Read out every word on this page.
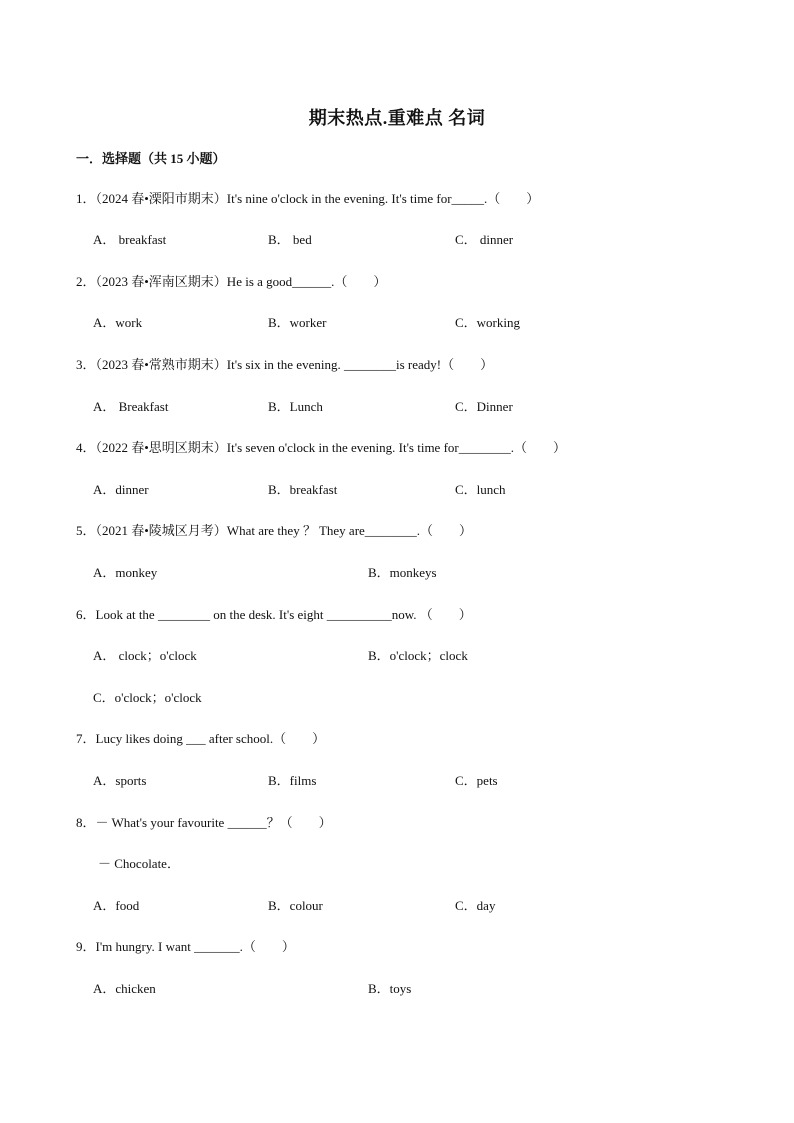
期末热点.重难点 名词
一．选择题（共 15 小题）
1．（2024 春•溧阳市期末）It's nine o'clock in the evening. It's time for_____.（　　）
A． breakfast	B． bed	C． dinner
2．（2023 春•浑南区期末）He is a good______.（　　）
A．work	B．worker	C．working
3．（2023 春•常熟市期末）It's six in the evening. ________is ready!（　　）
A． Breakfast	B．Lunch	C．Dinner
4．（2022 春•思明区期末）It's seven o'clock in the evening. It's time for________.（　　）
A．dinner	B．breakfast	C．lunch
5．（2021 春•陵城区月考）What are they ？ They are________.（　　）
A．monkey	B．monkeys
6．Look at the ________ on the desk. It's eight __________now. （　　）
A． clock；o'clock	B．o'clock；clock
C．o'clock；o'clock
7．Lucy likes doing ___ after school.（　　）
A．sports	B．films	C．pets
8．－ What's your favourite ______？（　　）
－ Chocolate．
A．food	B．colour	C．day
9．I'm hungry. I want _______.（　　）
A．chicken	B．toys
